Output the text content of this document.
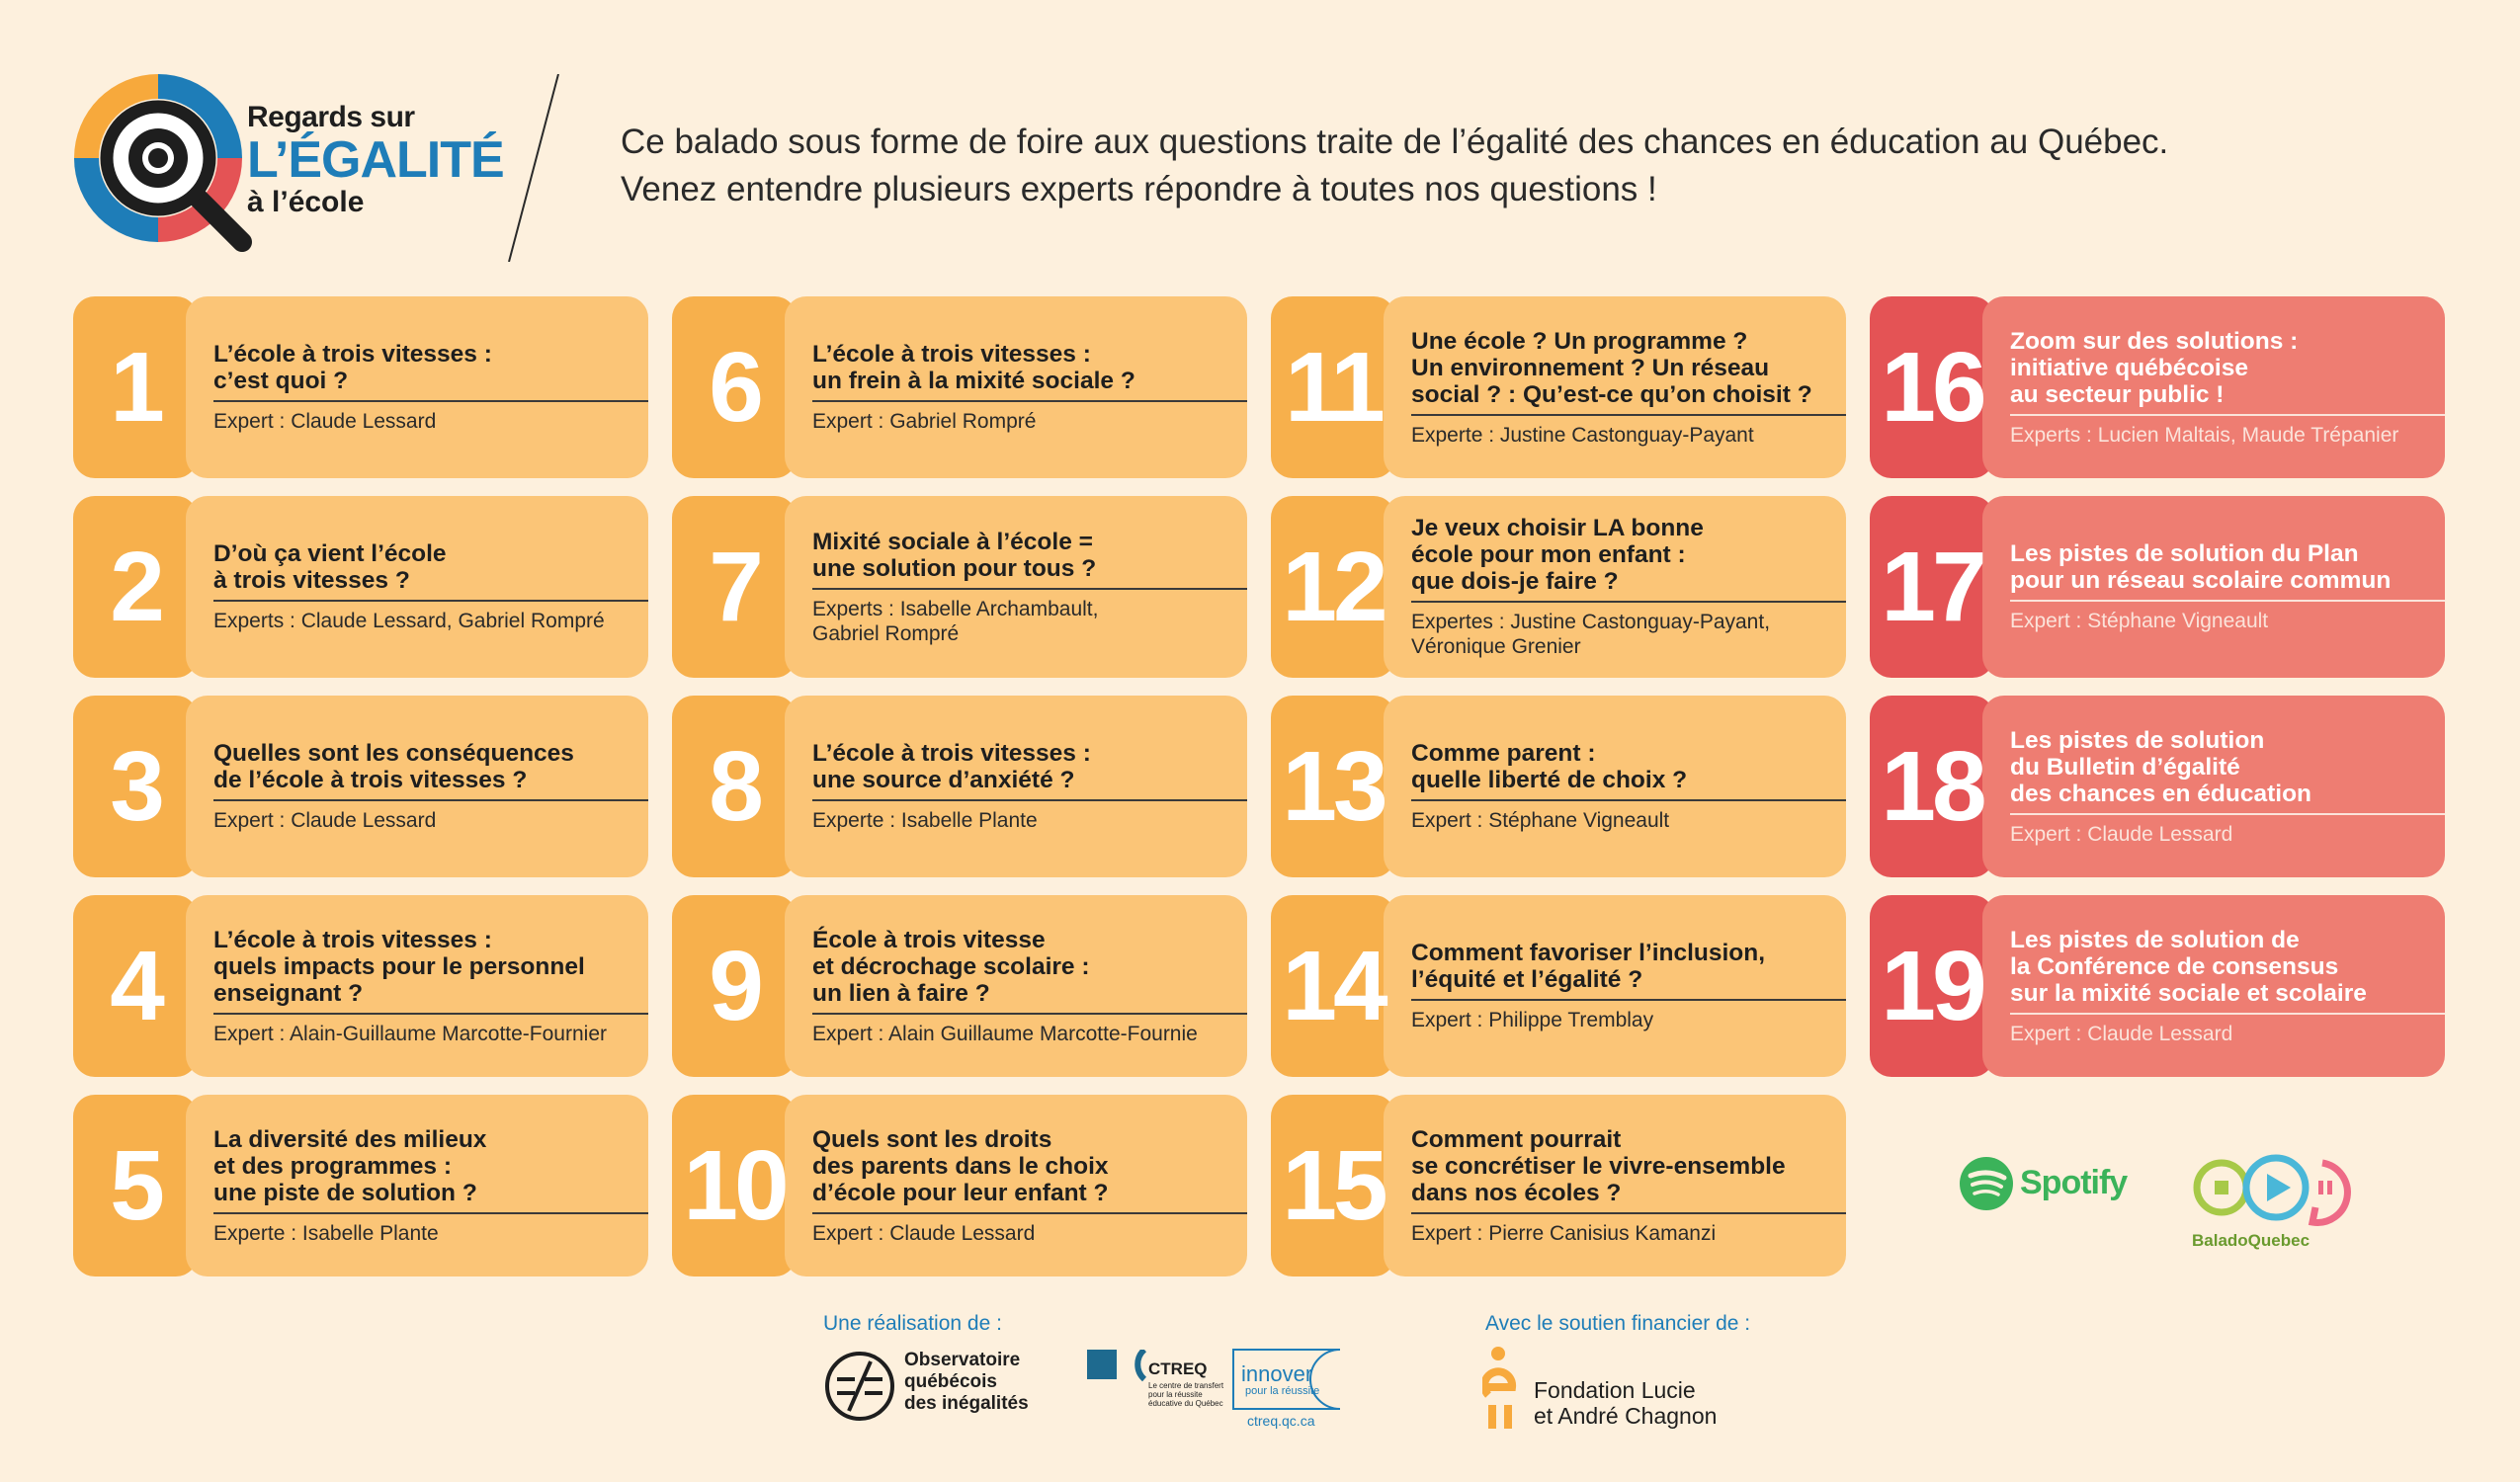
Regards sur
L’ÉGALITÉ
à l’école
Ce balado sous forme de foire aux questions traite de l’égalité des chances en éducation au Québec.
Venez entendre plusieurs experts répondre à toutes nos questions !
L’école à trois vitesses :
c’est quoi ?
Expert : Claude Lessard
1
D’où ça vient l’école
à trois vitesses ?
Experts : Claude Lessard, Gabriel Rompré
2
Quelles sont les conséquences
de l’école à trois vitesses ?
Expert : Claude Lessard
3
L’école à trois vitesses :
quels impacts pour le personnel
enseignant ?
Expert : Alain-Guillaume Marcotte-Fournier
4
La diversité des milieux
et des programmes :
une piste de solution ?
Experte : Isabelle Plante
5
L’école à trois vitesses :
un frein à la mixité sociale ?
Expert : Gabriel Rompré
6
Mixité sociale à l’école =
une solution pour tous ?
Experts : Isabelle Archambault,
Gabriel Rompré
7
L’école à trois vitesses :
une source d’anxiété ?
Experte : Isabelle Plante
8
École à trois vitesse
et décrochage scolaire :
un lien à faire ?
Expert : Alain Guillaume Marcotte-Fournie
9
Quels sont les droits
des parents dans le choix
d’école pour leur enfant ?
Expert : Claude Lessard
10
Une école ? Un programme ?
Un environnement ? Un réseau
social ? : Qu’est-ce qu’on choisit ?
Experte : Justine Castonguay-Payant
11
Je veux choisir LA bonne
école pour mon enfant :
que dois-je faire ?
Expertes : Justine Castonguay-Payant,
Véronique Grenier
12
Comme parent :
quelle liberté de choix ?
Expert : Stéphane Vigneault
13
Comment favoriser l’inclusion,
l’équité et l’égalité ?
Expert : Philippe Tremblay
14
Comment pourrait
se concrétiser le vivre-ensemble
dans nos écoles ?
Expert : Pierre Canisius Kamanzi
15
Zoom sur des solutions :
initiative québécoise
au secteur public !
Experts : Lucien Maltais, Maude Trépanier
16
Les pistes de solution du Plan
pour un réseau scolaire commun
Expert : Stéphane Vigneault
17
Les pistes de solution
du Bulletin d’égalité
des chances en éducation
Expert : Claude Lessard
18
Les pistes de solution de
la Conférence de consensus
sur la mixité sociale et scolaire
Expert : Claude Lessard
19
Une réalisation de :
Observatoire
québécois
des inégalités
CTREQ
Le centre de transfert
pour la réussite
éducative du Québec
innover
pour la réussite
ctreq.qc.ca
Avec le soutien financier de :
Fondation Lucie
et André Chagnon
Spotify
BaladoQuebec
